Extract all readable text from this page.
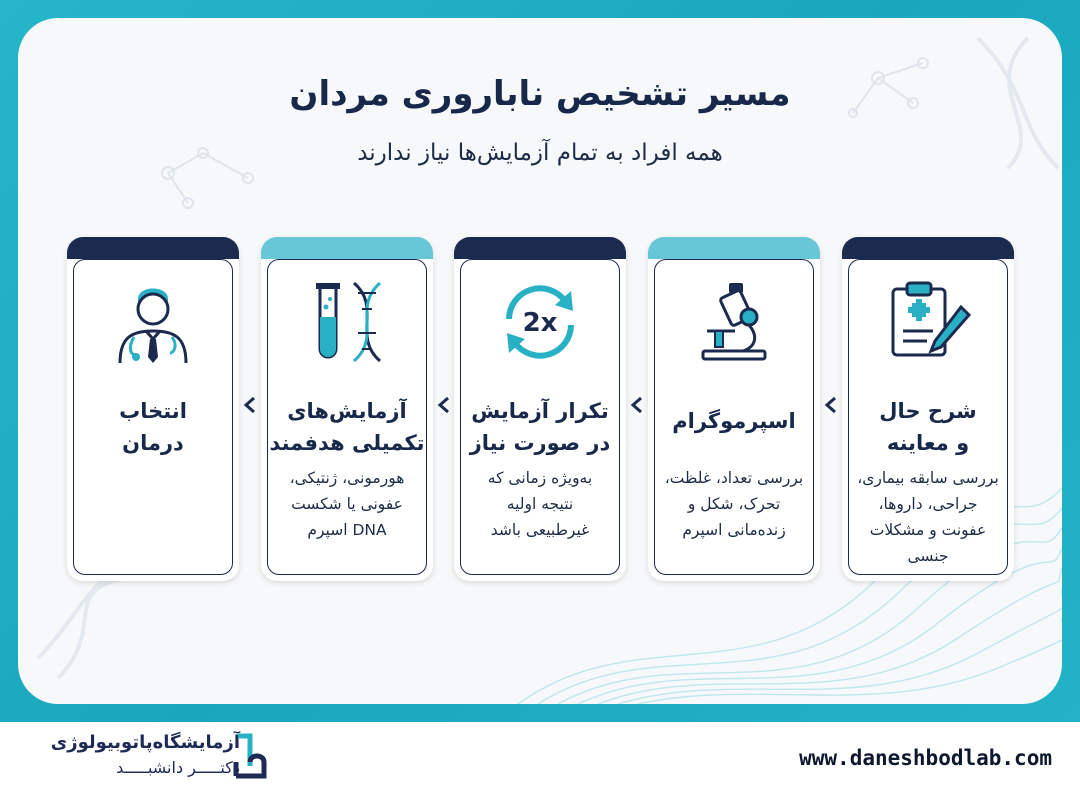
مسیر تشخیص ناباروری مردان
همه افراد به تمام آزمایش‌ها نیاز ندارند
شرح حال
و معاینه
بررسی سابقه بیماری،
جراحی، داروها،
عفونت و مشکلات
جنسی
اسپرموگرام
بررسی تعداد، غلظت،
تحرک، شکل و
زنده‌مانی اسپرم
2x
تکرار آزمایش
در صورت نیاز
به‌ویژه زمانی که
نتیجه اولیه
غیرطبیعی باشد
آزمایش‌های
تکمیلی هدفمند
هورمونی، ژنتیکی،
عفونی یا شکست
DNA اسپرم
انتخاب
درمان
آزمایشگاه‌پاتوبیولوژی
دکتـــــر دانشبـــــد	www.daneshbodlab.com
